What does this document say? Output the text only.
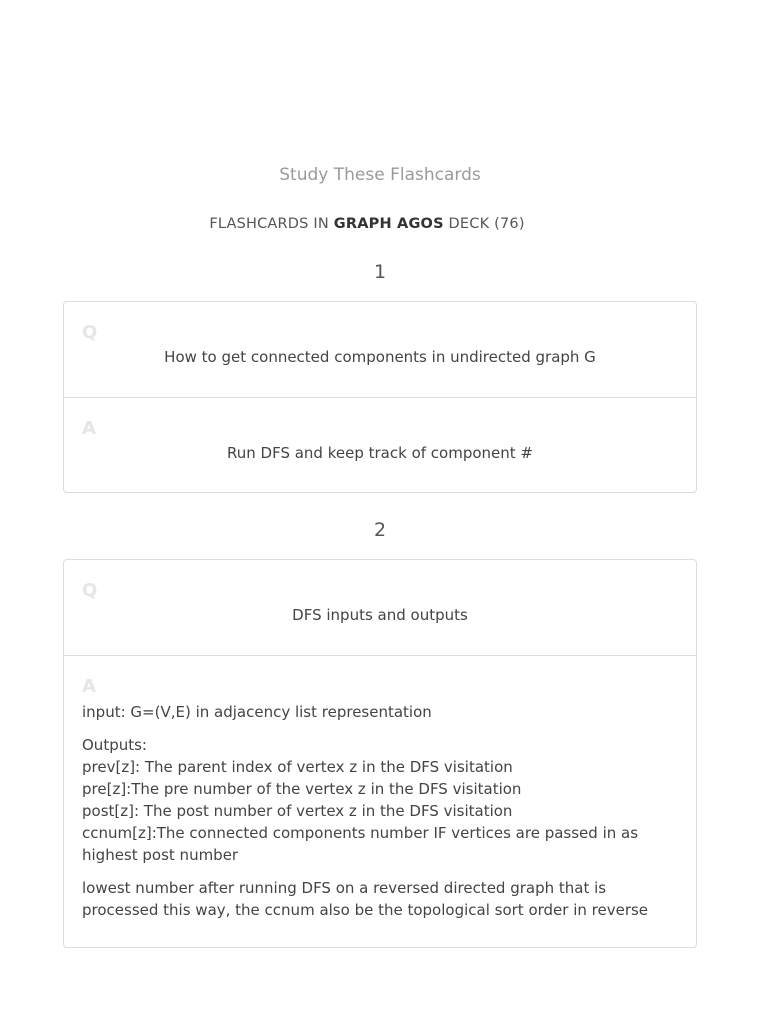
Study These Flashcards
FLASHCARDS IN GRAPH AGOS DECK (76)
1
Q
How to get connected components in undirected graph G
A
Run DFS and keep track of component #
2
Q
DFS inputs and outputs
A

input: G=(V,E) in adjacency list representation

Outputs:
prev[z]: The parent index of vertex z in the DFS visitation
pre[z]:The pre number of the vertex z in the DFS visitation
post[z]: The post number of vertex z in the DFS visitation
ccnum[z]:The connected components number IF vertices are passed in as highest post number

lowest number after running DFS on a reversed directed graph that is processed this way, the ccnum also be the topological sort order in reverse
